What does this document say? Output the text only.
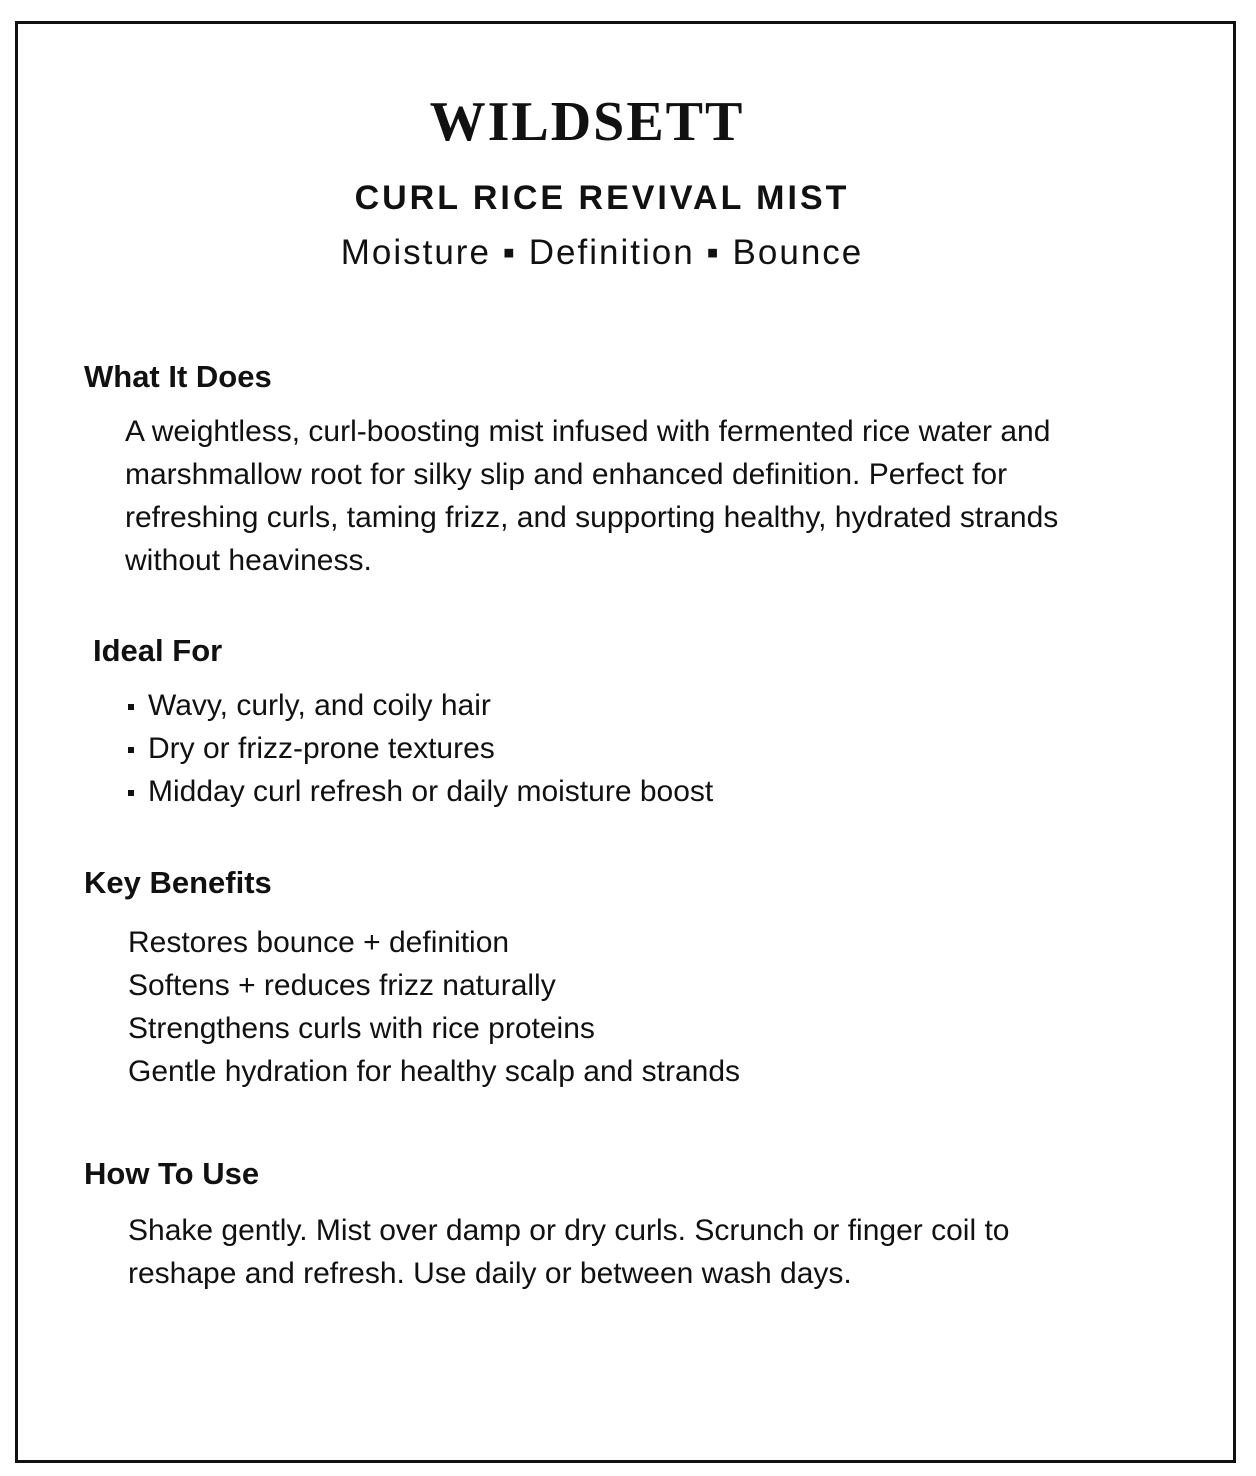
WILDSETT
CURL RICE REVIVAL MIST
Moisture ▪ Definition ▪ Bounce
What It Does
A weightless, curl-boosting mist infused with fermented rice water and
marshmallow root for silky slip and enhanced definition. Perfect for
refreshing curls, taming frizz, and supporting healthy, hydrated strands
without heaviness.
Ideal For
Wavy, curly, and coily hair
Dry or frizz-prone textures
Midday curl refresh or daily moisture boost
Key Benefits
Restores bounce + definition
Softens + reduces frizz naturally
Strengthens curls with rice proteins
Gentle hydration for healthy scalp and strands
How To Use
Shake gently. Mist over damp or dry curls. Scrunch or finger coil to
reshape and refresh. Use daily or between wash days.
